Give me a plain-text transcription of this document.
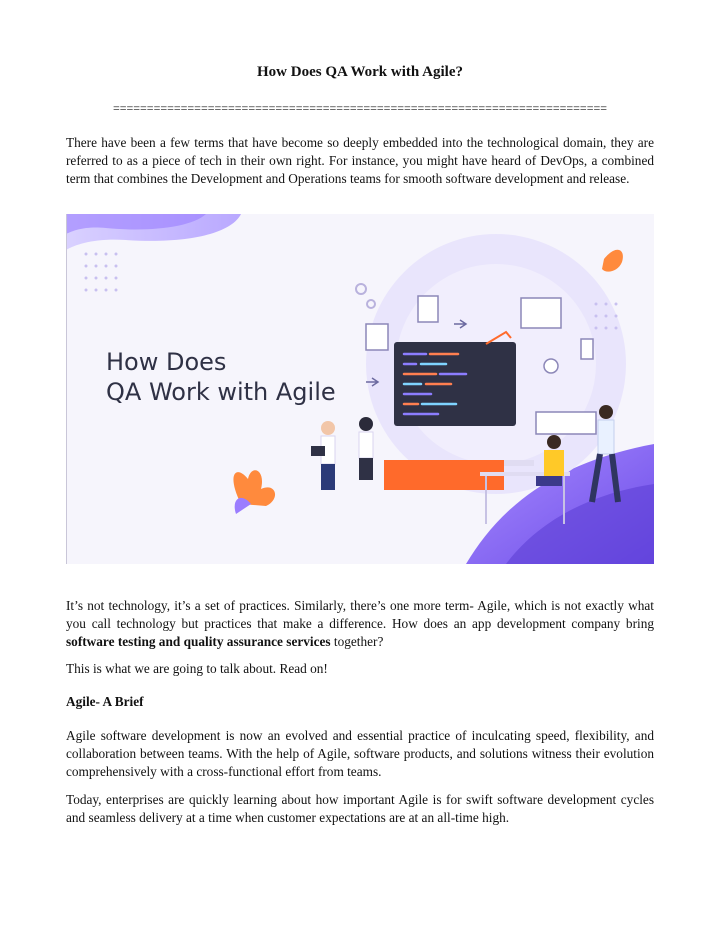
How Does QA Work with Agile?
=========================================================================

There have been a few terms that have become so deeply embedded into the technological domain, they are referred to as a piece of tech in their own right. For instance, you might have heard of DevOps, a combined term that combines the Development and Operations teams for smooth software development and release.

How Does
QA Work with Agile

It’s not technology, it’s a set of practices. Similarly, there’s one more term- Agile, which is not exactly what you call technology but practices that make a difference. How does an app development company bring software testing and quality assurance services together?

This is what we are going to talk about. Read on!

Agile- A Brief

Agile software development is now an evolved and essential practice of inculcating speed, flexibility, and collaboration between teams. With the help of Agile, software products, and solutions witness their evolution comprehensively with a cross-functional effort from teams.

Today, enterprises are quickly learning about how important Agile is for swift software development cycles and seamless delivery at a time when customer expectations are at an all-time high.
